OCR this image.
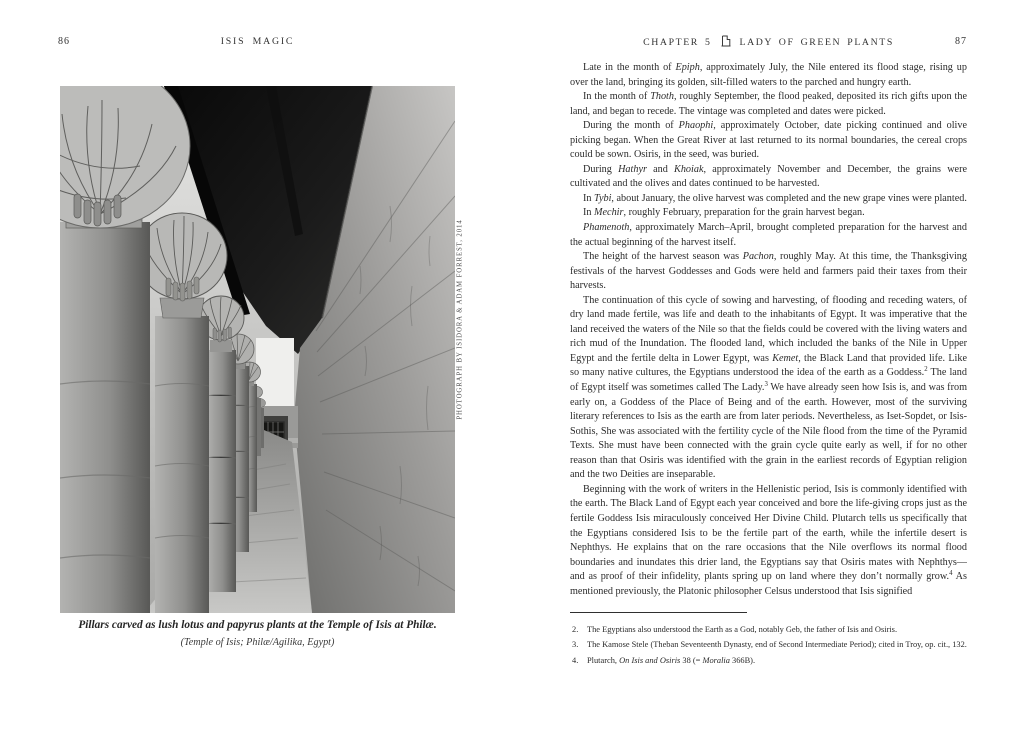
86	ISIS MAGIC
PHOTOGRAPH BY ISIDORA & ADAM FORREST, 2014
Pillars carved as lush lotus and papyrus plants at the Temple of Isis at Philæ.
(Temple of Isis; Philæ/Agilika, Egypt)
CHAPTER 5	LADY OF GREEN PLANTS	87

Late in the month of Epiph, approximately July, the Nile entered its flood stage, rising up over the land, bringing its golden, silt-filled waters to the parched and hungry earth.

In the month of Thoth, roughly September, the flood peaked, deposited its rich gifts upon the land, and began to recede. The vintage was completed and dates were picked.

During the month of Phaophi, approximately October, date picking continued and olive picking began. When the Great River at last returned to its normal boundaries, the cereal crops could be sown. Osiris, in the seed, was buried.

During Hathyr and Khoiak, approximately November and December, the grains were cultivated and the olives and dates continued to be harvested.

In Tybi, about January, the olive harvest was completed and the new grape vines were planted.

In Mechir, roughly February, preparation for the grain harvest began.

Phamenoth, approximately March–April, brought completed preparation for the harvest and the actual beginning of the harvest itself.

The height of the harvest season was Pachon, roughly May. At this time, the Thanksgiving festivals of the harvest Goddesses and Gods were held and farmers paid their taxes from their harvests.

The continuation of this cycle of sowing and harvesting, of flooding and receding waters, of dry land made fertile, was life and death to the inhabitants of Egypt. It was imperative that the land received the waters of the Nile so that the fields could be covered with the living waters and rich mud of the Inundation. The flooded land, which included the banks of the Nile in Upper Egypt and the fertile delta in Lower Egypt, was Kemet, the Black Land that provided life. Like so many native cultures, the Egyptians understood the idea of the earth as a Goddess.$^2$ The land of Egypt itself was sometimes called The Lady.$^3$ We have already seen how Isis is, and was from early on, a Goddess of the Place of Being and of the earth. However, most of the surviving literary references to Isis as the earth are from later periods. Nevertheless, as Iset-Sopdet, or Isis-Sothis, She was associated with the fertility cycle of the Nile flood from the time of the Pyramid Texts. She must have been connected with the grain cycle quite early as well, if for no other reason than that Osiris was identified with the grain in the earliest records of Egyptian religion and the two Deities are inseparable.

Beginning with the work of writers in the Hellenistic period, Isis is commonly identified with the earth. The Black Land of Egypt each year conceived and bore the life-giving crops just as the fertile Goddess Isis miraculously conceived Her Divine Child. Plutarch tells us specifically that the Egyptians considered Isis to be the fertile part of the earth, while the infertile desert is Nephthys. He explains that on the rare occasions that the Nile overflows its normal flood boundaries and inundates this drier land, the Egyptians say that Osiris mates with Nephthys—and as proof of their infidelity, plants spring up on land where they don’t normally grow.$^4$ As mentioned previously, the Platonic philosopher Celsus understood that Isis signified

2.	The Egyptians also understood the Earth as a God, notably Geb, the father of Isis and Osiris.
3.	The Kamose Stele (Theban Seventeenth Dynasty, end of Second Intermediate Period); cited in Troy, op. cit., 132.
4.	Plutarch, On Isis and Osiris 38 (= Moralia 366B).
